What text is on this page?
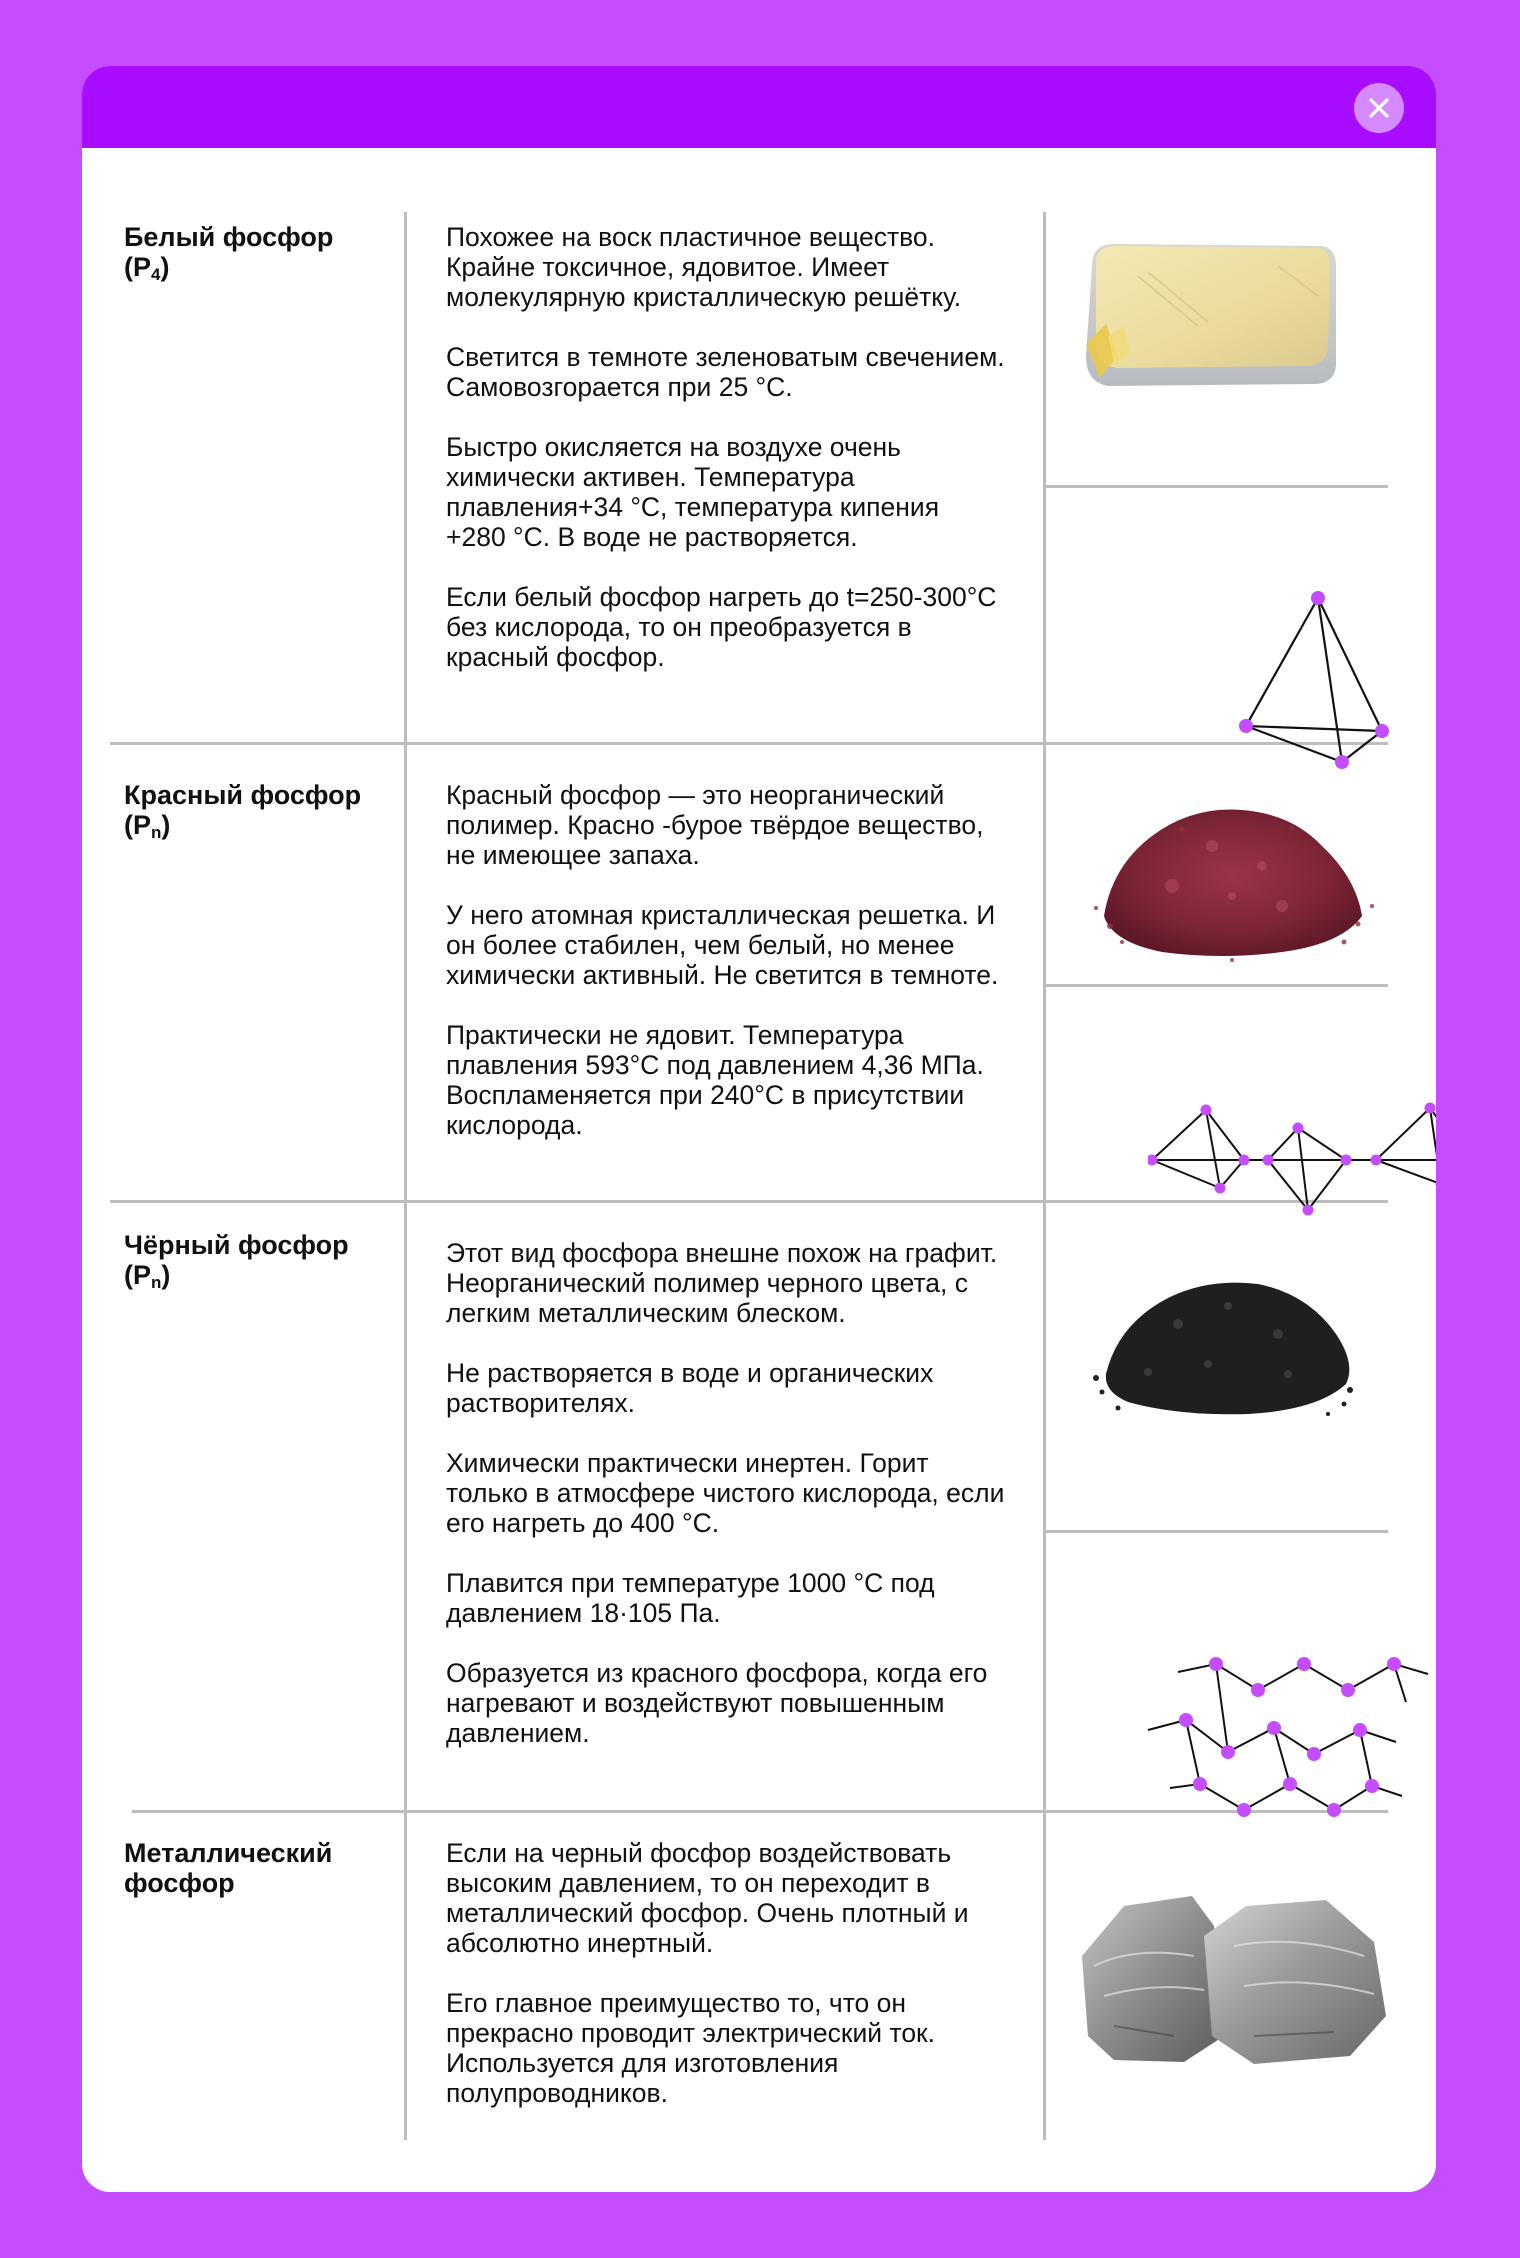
Белый фосфор
$(P_4)$

Похожее на воск пластичное вещество. Крайне токсичное, ядовитое. Имеет молекулярную кристаллическую решётку.

Светится в темноте зеленоватым свечением. Самовозгорается при 25 °C.

Быстро окисляется на воздухе очень химически активен. Температура плавления+34 °C, температура кипения +280 °C. В воде не растворяется.

Если белый фосфор нагреть до t=250-300°C без кислорода, то он преобразуется в красный фосфор.

Красный фосфор
$(P_n)$

Красный фосфор — это неорганический полимер. Красно -бурое твёрдое вещество, не имеющее запаха.

У него атомная кристаллическая решетка. И он более стабилен, чем белый, но менее химически активный. Не светится в темноте.

Практически не ядовит. Температура плавления 593°C под давлением 4,36 МПа. Воспламеняется при 240°C в присутствии кислорода.

Чёрный фосфор
$(P_n)$

Этот вид фосфора внешне похож на графит. Неорганический полимер черного цвета, с легким металлическим блеском.

Не растворяется в воде и органических растворителях.

Химически практически инертен. Горит только в атмосфере чистого кислорода, если его нагреть до 400 °C.

Плавится при температуре 1000 °C под давлением 18·105 Па.

Образуется из красного фосфора, когда его нагревают и воздействуют повышенным давлением.

Металлический фосфор

Если на черный фосфор воздействовать высоким давлением, то он переходит в металлический фосфор. Очень плотный и абсолютно инертный.

Его главное преимущество то, что он прекрасно проводит электрический ток. Используется для изготовления полупроводников.
